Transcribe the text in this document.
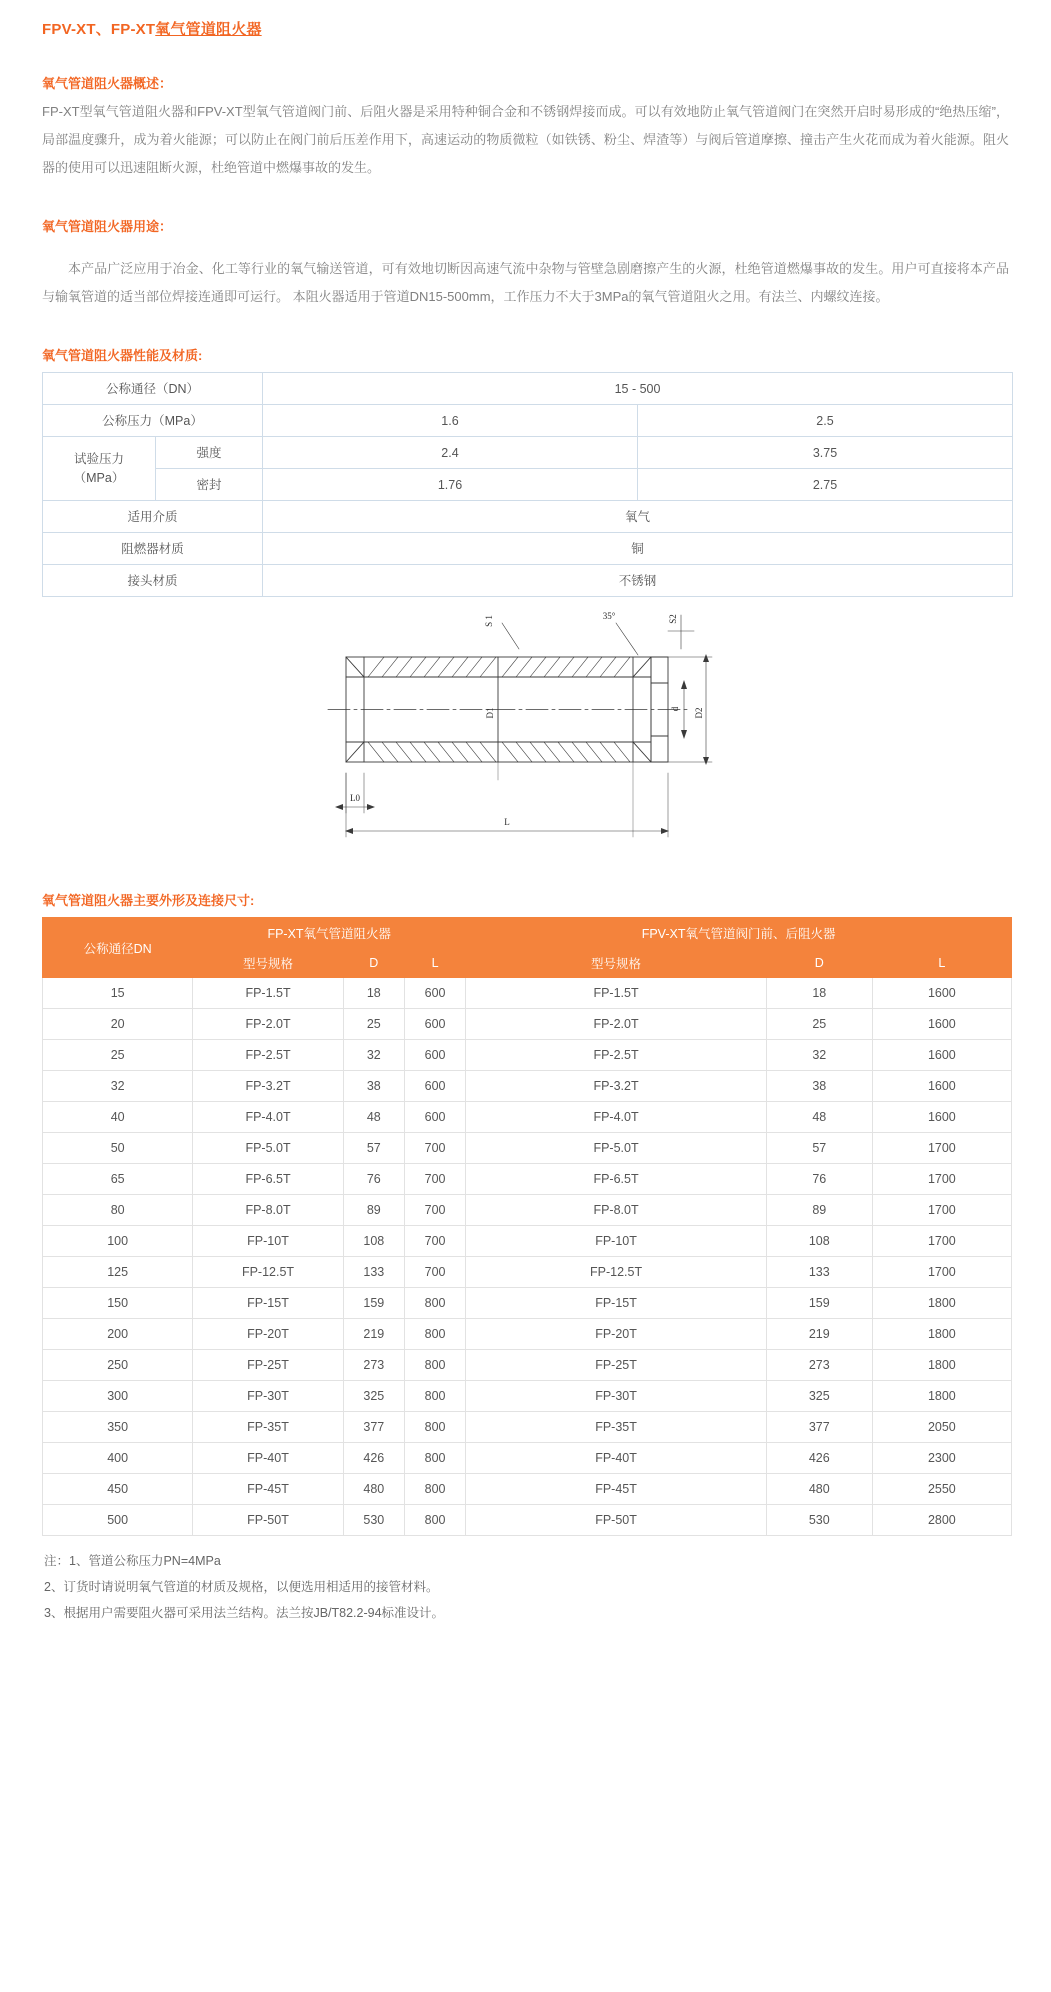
FPV-XT、FP-XT氧气管道阻火器
氧气管道阻火器概述：
FP-XT型氧气管道阻火器和FPV-XT型氧气管道阀门前、后阻火器是采用特种铜合金和不锈钢焊接而成。可以有效地防止氧气管道阀门在突然开启时易形成的“绝热压缩”，局部温度骤升，成为着火能源；可以防止在阀门前后压差作用下，高速运动的物质微粒（如铁锈、粉尘、焊渣等）与阀后管道摩擦、撞击产生火花而成为着火能源。阻火器的使用可以迅速阻断火源，杜绝管道中燃爆事故的发生。
氧气管道阻火器用途：
本产品广泛应用于冶金、化工等行业的氧气输送管道，可有效地切断因高速气流中杂物与管壁急剧磨擦产生的火源，杜绝管道燃爆事故的发生。用户可直接将本产品与输氧管道的适当部位焊接连通即可运行。 本阻火器适用于管道DN15-500mm，工作压力不大于3MPa的氧气管道阻火之用。有法兰、内螺纹连接。
氧气管道阻火器性能及材质:
公称通径（DN）		15 - 500	
公称压力（MPa）		1.6	2.5
试验压力
（MPa）	强度	2.4	3.75
	密封	1.76	2.75
适用介质		氧气	
阻燃器材质		铜	
接头材质		不锈钢	
S 1	S2
35°
D1	d D2
L0
L
氧气管道阻火器主要外形及连接尺寸:
公称通径DN	FP-XT氧气管道阻火器			FPV-XT氧气管道阀门前、后阻火器		
	型号规格	D	L	型号规格	D	L
15	FP-1.5T	18	600	FP-1.5T	18	1600
20	FP-2.0T	25	600	FP-2.0T	25	1600
25	FP-2.5T	32	600	FP-2.5T	32	1600
32	FP-3.2T	38	600	FP-3.2T	38	1600
40	FP-4.0T	48	600	FP-4.0T	48	1600
50	FP-5.0T	57	700	FP-5.0T	57	1700
65	FP-6.5T	76	700	FP-6.5T	76	1700
80	FP-8.0T	89	700	FP-8.0T	89	1700
100	FP-10T	108	700	FP-10T	108	1700
125	FP-12.5T	133	700	FP-12.5T	133	1700
150	FP-15T	159	800	FP-15T	159	1800
200	FP-20T	219	800	FP-20T	219	1800
250	FP-25T	273	800	FP-25T	273	1800
300	FP-30T	325	800	FP-30T	325	1800
350	FP-35T	377	800	FP-35T	377	2050
400	FP-40T	426	800	FP-40T	426	2300
450	FP-45T	480	800	FP-45T	480	2550
500	FP-50T	530	800	FP-50T	530	2800
注：1、管道公称压力PN=4MPa
2、订货时请说明氧气管道的材质及规格，以便选用相适用的接管材料。
3、根据用户需要阻火器可采用法兰结构。法兰按JB/T82.2-94标准设计。
